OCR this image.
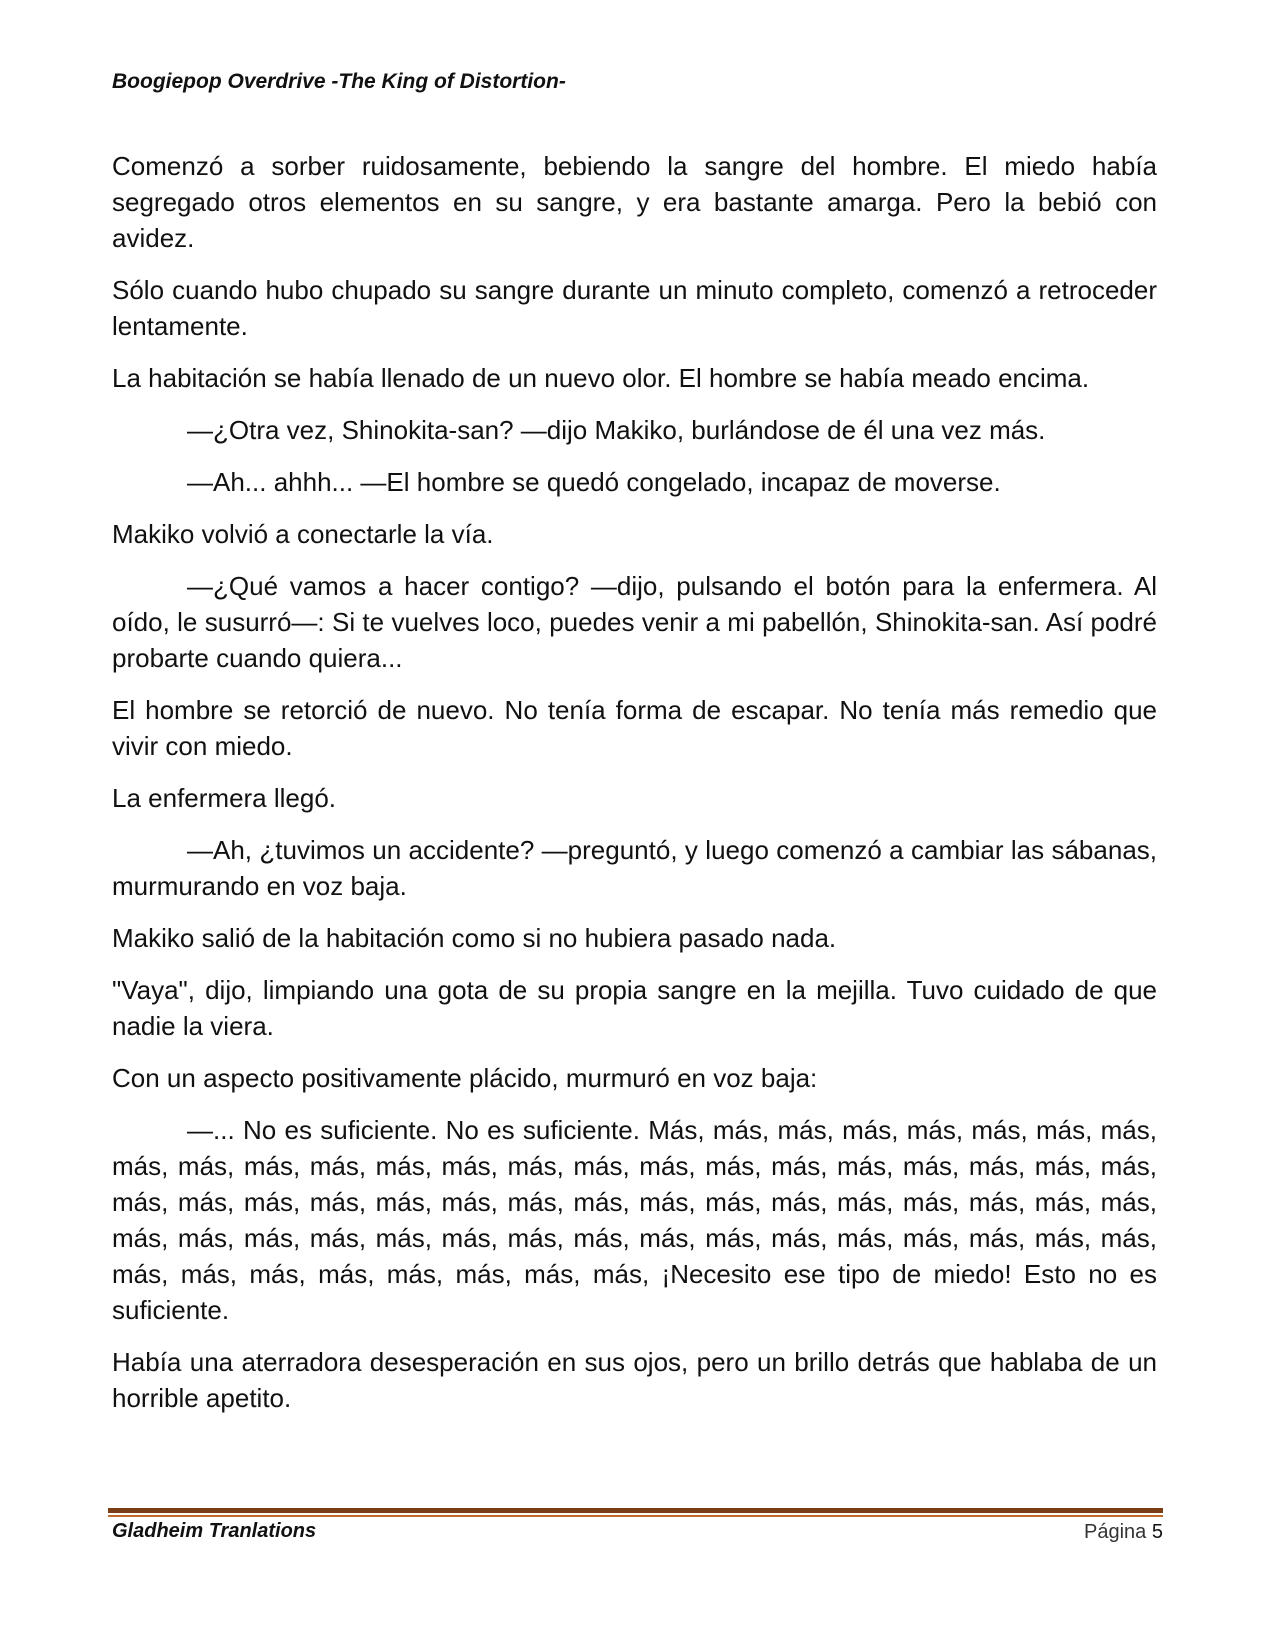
Boogiepop Overdrive -The King of Distortion-

Comenzó a sorber ruidosamente, bebiendo la sangre del hombre. El miedo había segregado otros elementos en su sangre, y era bastante amarga. Pero la bebió con avidez.

Sólo cuando hubo chupado su sangre durante un minuto completo, comenzó a retroceder lentamente.

La habitación se había llenado de un nuevo olor. El hombre se había meado encima.

—¿Otra vez, Shinokita-san? —dijo Makiko, burlándose de él una vez más.

—Ah... ahhh... —El hombre se quedó congelado, incapaz de moverse.

Makiko volvió a conectarle la vía.

—¿Qué vamos a hacer contigo? —dijo, pulsando el botón para la enfermera. Al oído, le susurró—: Si te vuelves loco, puedes venir a mi pabellón, Shinokita-san. Así podré probarte cuando quiera...

El hombre se retorció de nuevo. No tenía forma de escapar. No tenía más remedio que vivir con miedo.

La enfermera llegó.

—Ah, ¿tuvimos un accidente? —preguntó, y luego comenzó a cambiar las sábanas, murmurando en voz baja.

Makiko salió de la habitación como si no hubiera pasado nada.

"Vaya", dijo, limpiando una gota de su propia sangre en la mejilla. Tuvo cuidado de que nadie la viera.

Con un aspecto positivamente plácido, murmuró en voz baja:

—... No es suficiente. No es suficiente. Más, más, más, más, más, más, más, más, más, más, más, más, más, más, más, más, más, más, más, más, más, más, más, más, más, más, más, más, más, más, más, más, más, más, más, más, más, más, más, más, más, más, más, más, más, más, más, más, más, más, más, más, más, más, más, más, más, más, más, más, más, más, más, más, ¡Necesito ese tipo de miedo! Esto no es suficiente.

Había una aterradora desesperación en sus ojos, pero un brillo detrás que hablaba de un horrible apetito.

Gladheim Tranlations	Página 5
